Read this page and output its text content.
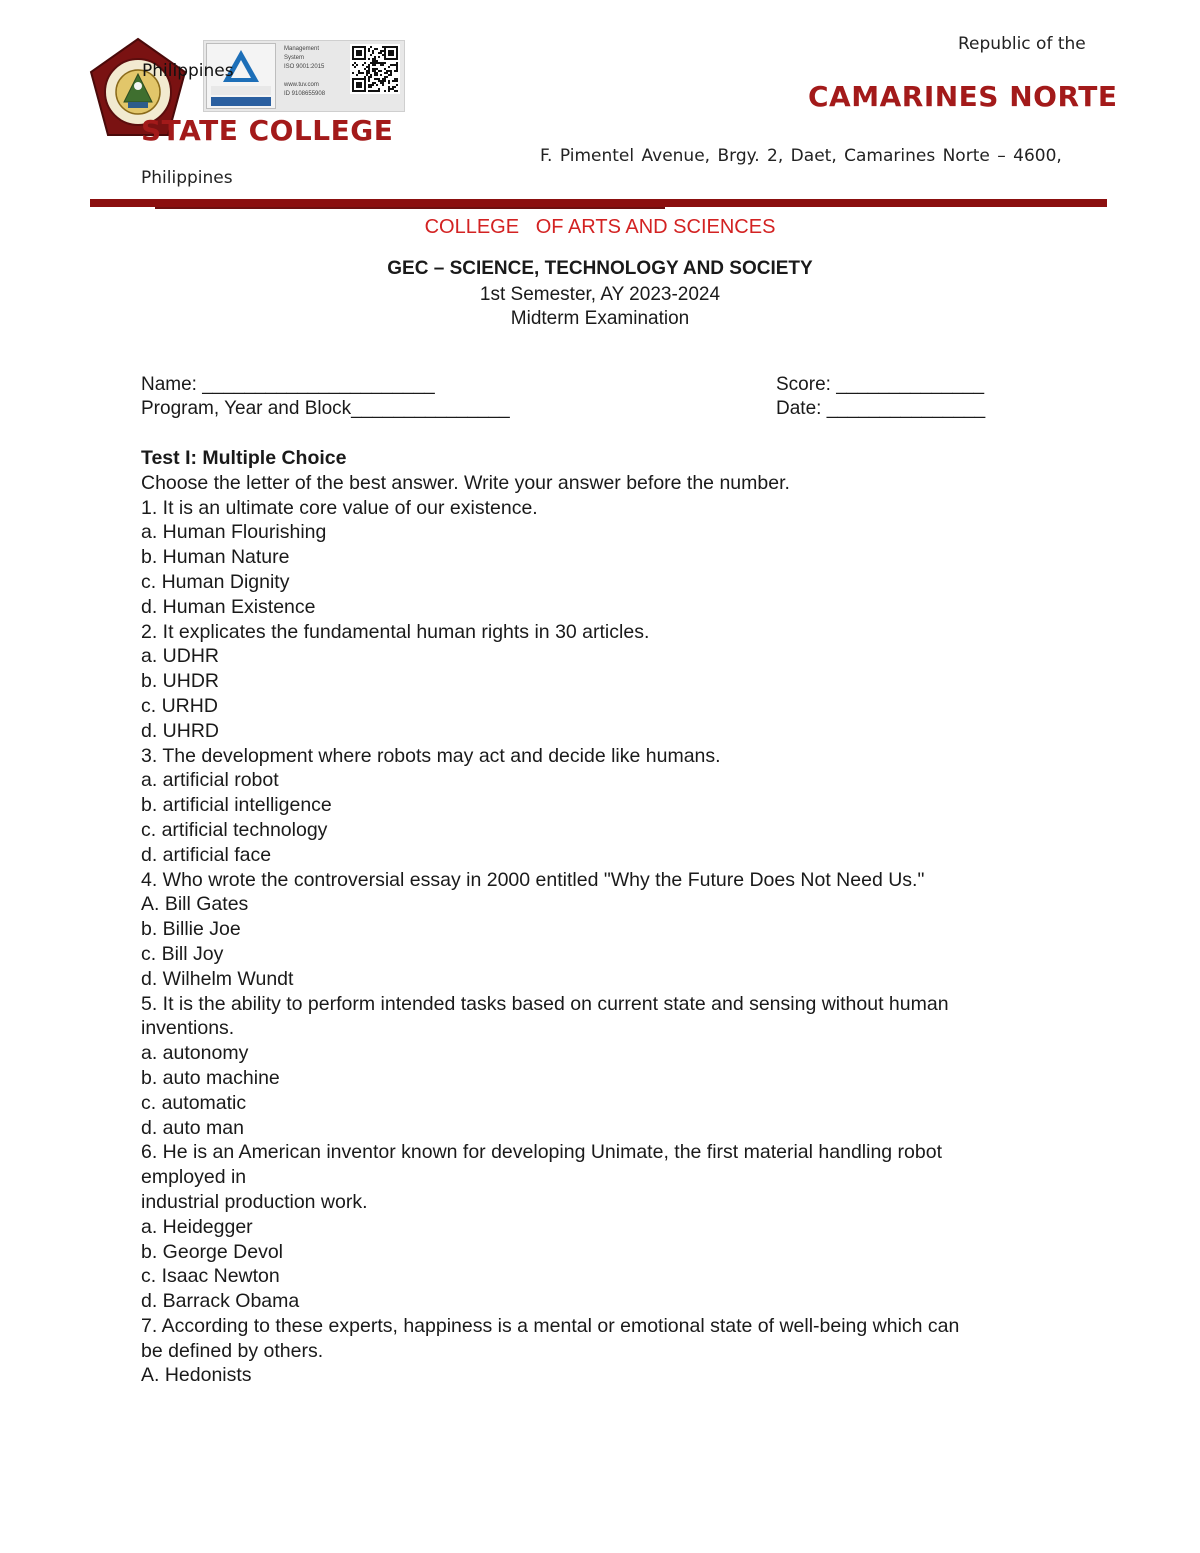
Management
System
ISO 9001:2015
www.tuv.com
ID 9108655908
Philippines
Republic of the
CAMARINES NORTE
STATE COLLEGE
F. Pimentel Avenue, Brgy. 2, Daet, Camarines Norte – 4600,
Philippines
COLLEGE   OF ARTS AND SCIENCES
GEC – SCIENCE, TECHNOLOGY AND SOCIETY
1st Semester, AY 2023-2024
Midterm Examination
Name: ______________________	Score: ______________
Program, Year and Block_______________	Date: _______________
Test I: Multiple Choice
Choose the letter of the best answer. Write your answer before the number.
1. It is an ultimate core value of our existence.
a. Human Flourishing
b. Human Nature
c. Human Dignity
d. Human Existence
2. It explicates the fundamental human rights in 30 articles.
a. UDHR
b. UHDR
c. URHD
d. UHRD
3. The development where robots may act and decide like humans.
a. artificial robot
b. artificial intelligence
c. artificial technology
d. artificial face
4. Who wrote the controversial essay in 2000 entitled "Why the Future Does Not Need Us."
A. Bill Gates
b. Billie Joe
c. Bill Joy
d. Wilhelm Wundt
5. It is the ability to perform intended tasks based on current state and sensing without human
inventions.
a. autonomy
b. auto machine
c. automatic
d. auto man
6. He is an American inventor known for developing Unimate, the first material handling robot
employed in
industrial production work.
a. Heidegger
b. George Devol
c. Isaac Newton
d. Barrack Obama
7. According to these experts, happiness is a mental or emotional state of well-being which can
be defined by others.
A. Hedonists
